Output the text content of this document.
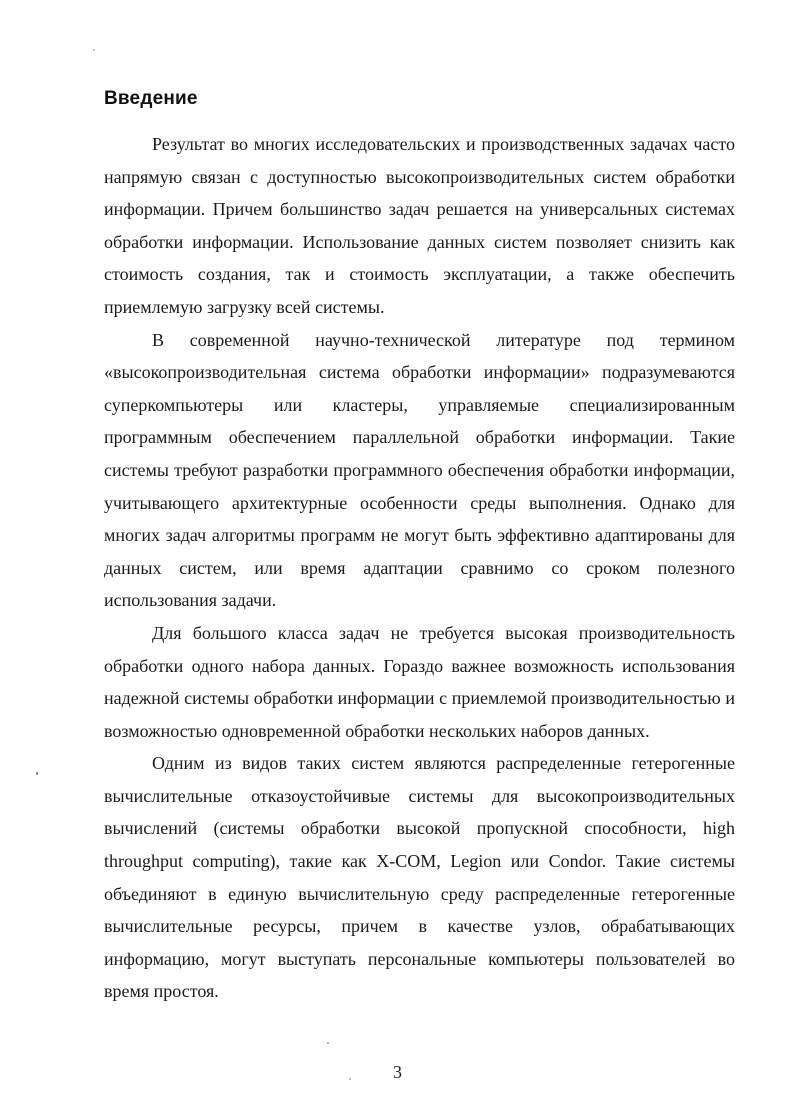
Введение

Результат во многих исследовательских и производственных задачах часто напрямую связан с доступностью высокопроизводительных систем обработки информации. Причем большинство задач решается на универсальных системах обработки информации. Использование данных систем позволяет снизить как стоимость создания, так и стоимость эксплуатации, а также обеспечить приемлемую загрузку всей системы.

В современной научно-технической литературе под термином «высокопроизводительная система обработки информации» подразумеваются суперкомпьютеры или кластеры, управляемые специализированным программным обеспечением параллельной обработки информации. Такие системы требуют разработки программного обеспечения обработки информации, учитывающего архитектурные особенности среды выполнения. Однако для многих задач алгоритмы программ не могут быть эффективно адаптированы для данных систем, или время адаптации сравнимо со сроком полезного использования задачи.

Для большого класса задач не требуется высокая производительность обработки одного набора данных. Гораздо важнее возможность использования надежной системы обработки информации с приемлемой производительностью и возможностью одновременной обработки нескольких наборов данных.

Одним из видов таких систем являются распределенные гетерогенные вычислительные отказоустойчивые системы для высокопроизводительных вычислений (системы обработки высокой пропускной способности, high throughput computing), такие как X-COM, Legion или Condor. Такие системы объединяют в единую вычислительную среду распределенные гетерогенные вычислительные ресурсы, причем в качестве узлов, обрабатывающих информацию, могут выступать персональные компьютеры пользователей во время простоя.

3
